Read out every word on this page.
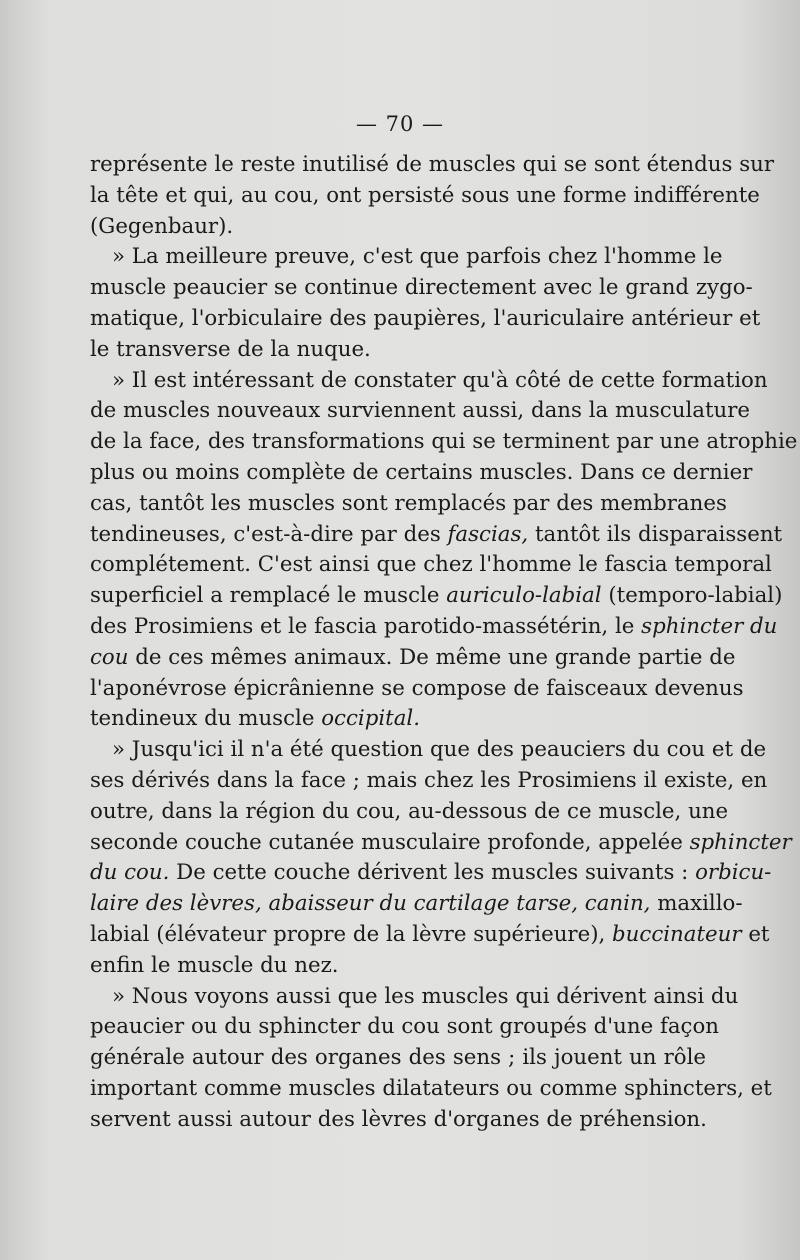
— 70 —
représente le reste inutilisé de muscles qui se sont étendus sur
la tête et qui, au cou, ont persisté sous une forme indifférente
(Gegenbaur).
» La meilleure preuve, c'est que parfois chez l'homme le
muscle peaucier se continue directement avec le grand zygo-
matique, l'orbiculaire des paupières, l'auriculaire antérieur et
le transverse de la nuque.
» Il est intéressant de constater qu'à côté de cette formation
de muscles nouveaux surviennent aussi, dans la musculature
de la face, des transformations qui se terminent par une atrophie
plus ou moins complète de certains muscles. Dans ce dernier
cas, tantôt les muscles sont remplacés par des membranes
tendineuses, c'est-à-dire par des fascias, tantôt ils disparaissent
complétement. C'est ainsi que chez l'homme le fascia temporal
superficiel a remplacé le muscle auriculo-labial (temporo-labial)
des Prosimiens et le fascia parotido-massétérin, le sphincter du
cou de ces mêmes animaux. De même une grande partie de
l'aponévrose épicrânienne se compose de faisceaux devenus
tendineux du muscle occipital.
» Jusqu'ici il n'a été question que des peauciers du cou et de
ses dérivés dans la face ; mais chez les Prosimiens il existe, en
outre, dans la région du cou, au-dessous de ce muscle, une
seconde couche cutanée musculaire profonde, appelée sphincter
du cou. De cette couche dérivent les muscles suivants : orbicu-
laire des lèvres, abaisseur du cartilage tarse, canin, maxillo-
labial (élévateur propre de la lèvre supérieure), buccinateur et
enfin le muscle du nez.
» Nous voyons aussi que les muscles qui dérivent ainsi du
peaucier ou du sphincter du cou sont groupés d'une façon
générale autour des organes des sens ; ils jouent un rôle
important comme muscles dilatateurs ou comme sphincters, et
servent aussi autour des lèvres d'organes de préhension.
